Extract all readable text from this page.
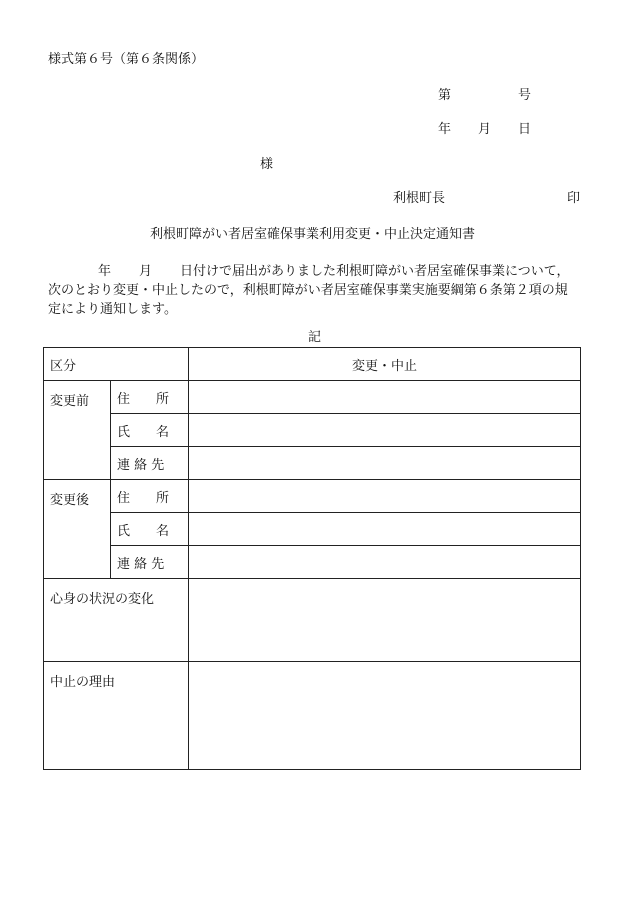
様式第６号（第６条関係）
第	号
年 月 日
様
利根町長	印
利根町障がい者居室確保事業利用変更・中止決定通知書

年 月 日付けで届出がありました利根町障がい者居室確保事業について，

次のとおり変更・中止したので，利根町障がい者居室確保事業実施要綱第６条第２項の規

定により通知します。

記
区分		変更・中止
変更前	住　　所	
	氏　　名	
	連 絡 先	
変更後	住　　所	
	氏　　名	
	連 絡 先	
心身の状況の変化		
中止の理由		
